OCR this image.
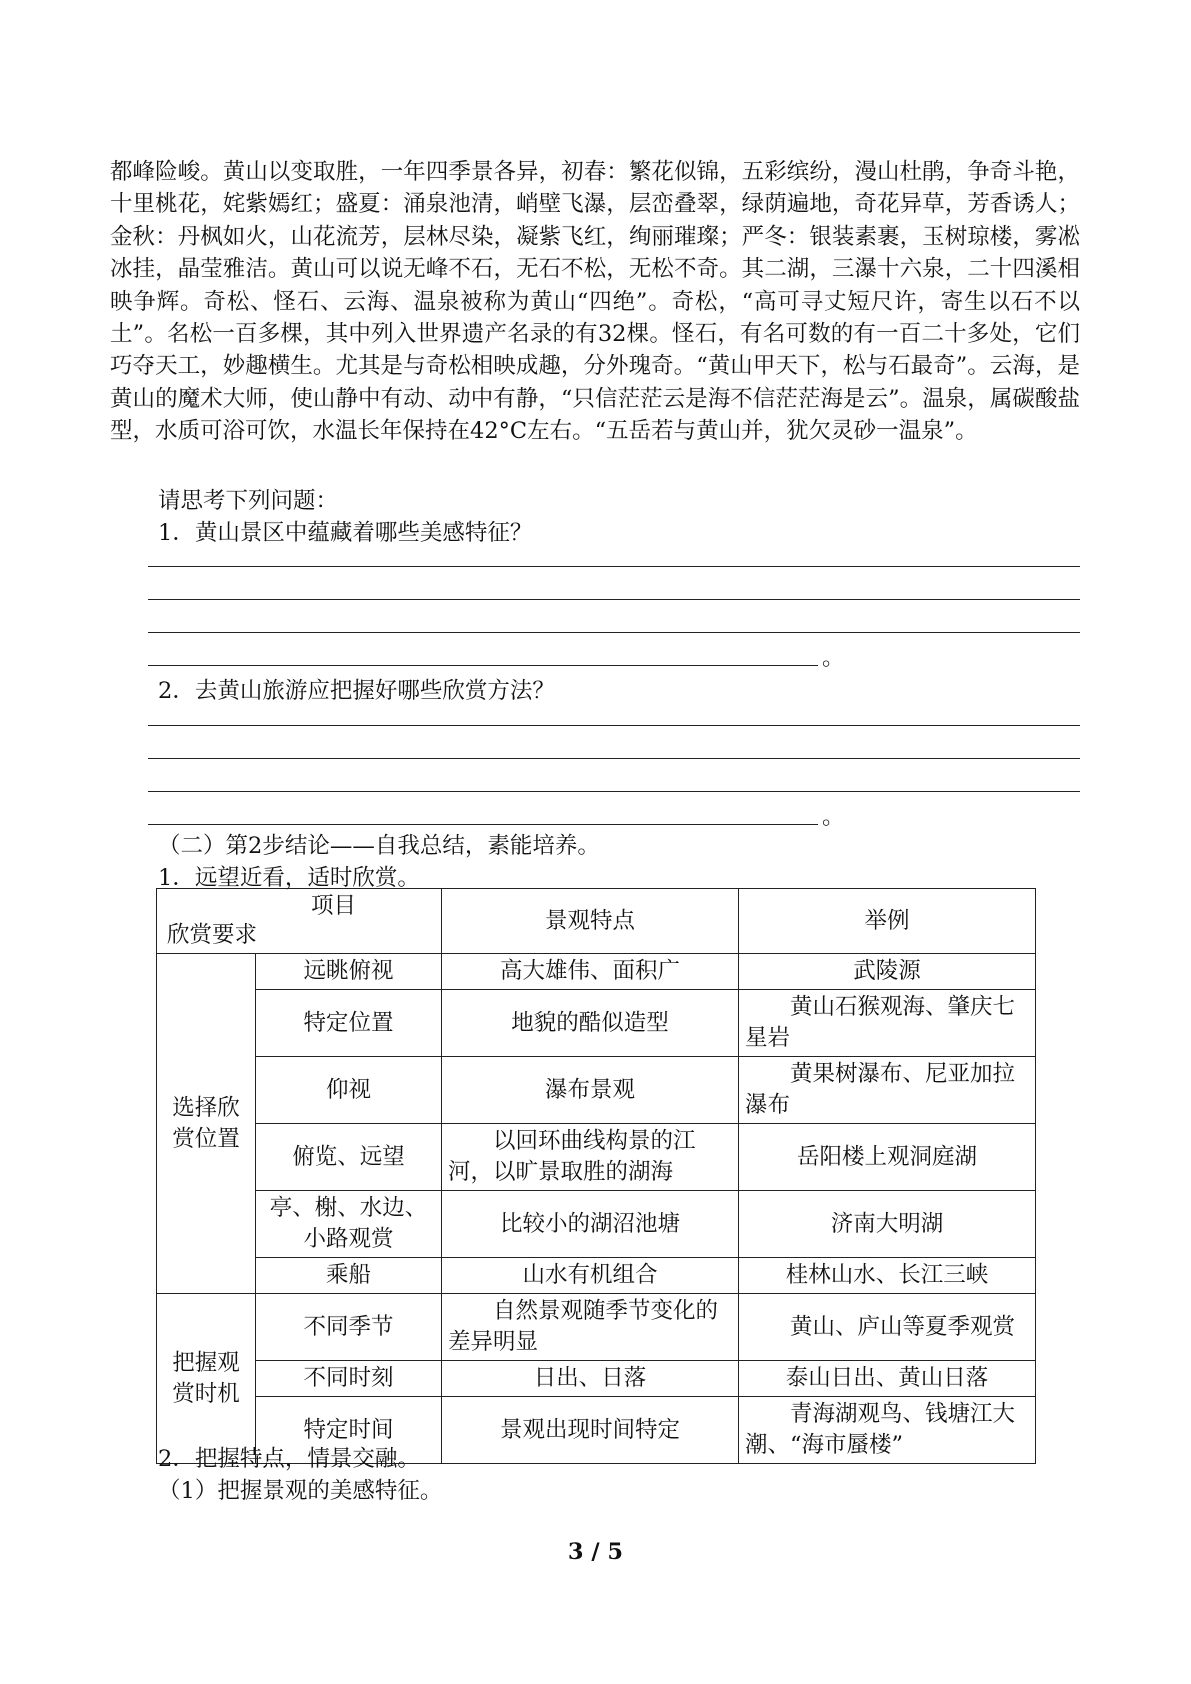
都峰险峻。黄山以变取胜，一年四季景各异，初春：繁花似锦，五彩缤纷，漫山杜鹃，争奇斗艳，十里桃花，姹紫嫣红；盛夏：涌泉池清，峭壁飞瀑，层峦叠翠，绿荫遍地，奇花异草，芳香诱人；金秋：丹枫如火，山花流芳，层林尽染，凝紫飞红，绚丽璀璨；严冬：银装素裹，玉树琼楼，雾凇冰挂，晶莹雅洁。黄山可以说无峰不石，无石不松，无松不奇。其二湖，三瀑十六泉，二十四溪相映争辉。奇松、怪石、云海、温泉被称为黄山“四绝”。奇松，“高可寻丈短尺许，寄生以石不以土”。名松一百多棵，其中列入世界遗产名录的有32棵。怪石，有名可数的有一百二十多处，它们巧夺天工，妙趣横生。尤其是与奇松相映成趣，分外瑰奇。“黄山甲天下，松与石最奇”。云海，是黄山的魔术大师，使山静中有动、动中有静，“只信茫茫云是海不信茫茫海是云”。温泉，属碳酸盐型，水质可浴可饮，水温长年保持在42°C左右。“五岳若与黄山并，犹欠灵砂一温泉”。

请思考下列问题：

1．黄山景区中蕴藏着哪些美感特征？

。

2．去黄山旅游应把握好哪些欣赏方法？

。

（二）第2步结论——自我总结，素能培养。

1．远望近看，适时欣赏。

项目
欣赏要求		景观特点	举例
选择欣赏位置	远眺俯视	高大雄伟、面积广	武陵源
	特定位置	地貌的酷似造型	黄山石猴观海、肇庆七星岩
	仰视	瀑布景观	黄果树瀑布、尼亚加拉瀑布
	俯览、远望	以回环曲线构景的江河，以旷景取胜的湖海	岳阳楼上观洞庭湖
	亭、榭、水边、小路观赏	比较小的湖沼池塘	济南大明湖
	乘船	山水有机组合	桂林山水、长江三峡
把握观赏时机	不同季节	自然景观随季节变化的差异明显	黄山、庐山等夏季观赏
	不同时刻	日出、日落	泰山日出、黄山日落
	特定时间	景观出现时间特定	青海湖观鸟、钱塘江大潮、“海市蜃楼”

2．把握特点，情景交融。

（1）把握景观的美感特征。

3 / 5
